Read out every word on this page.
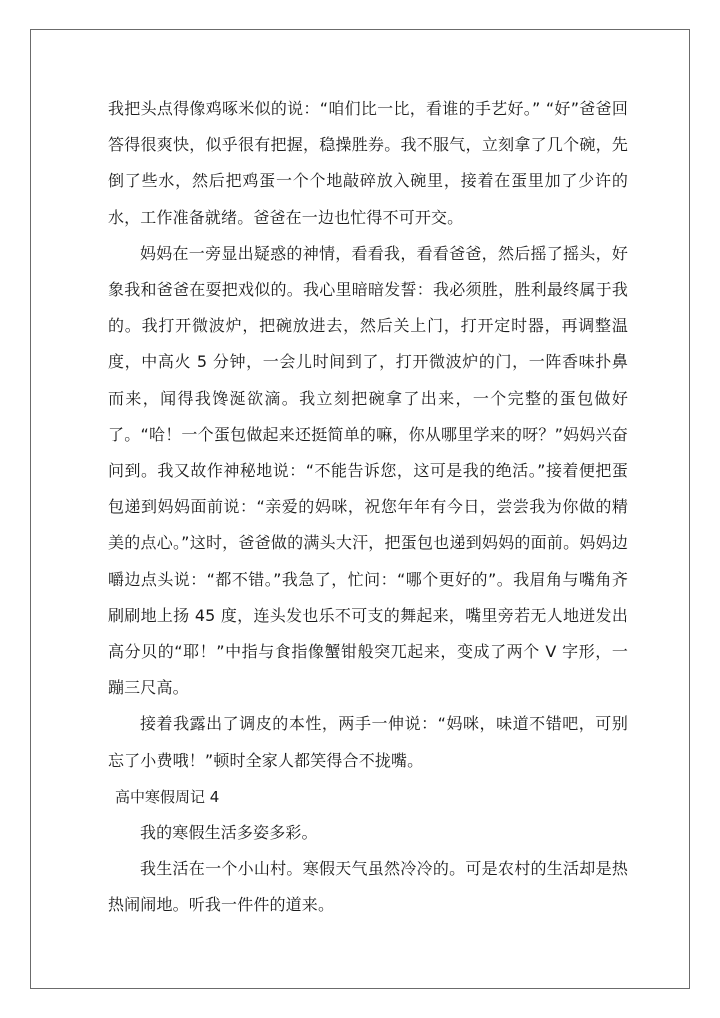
我把头点得像鸡啄米似的说：“咱们比一比，看谁的手艺好。” “好”爸爸回答得很爽快，似乎很有把握，稳操胜券。我不服气，立刻拿了几个碗，先倒了些水，然后把鸡蛋一个个地敲碎放入碗里，接着在蛋里加了少许的水，工作准备就绪。爸爸在一边也忙得不可开交。

妈妈在一旁显出疑惑的神情，看看我，看看爸爸，然后摇了摇头，好象我和爸爸在耍把戏似的。我心里暗暗发誓：我必须胜，胜利最终属于我的。我打开微波炉，把碗放进去，然后关上门，打开定时器，再调整温度，中高火 5 分钟，一会儿时间到了，打开微波炉的门，一阵香味扑鼻而来，闻得我馋涎欲滴。我立刻把碗拿了出来，一个完整的蛋包做好了。“哈！一个蛋包做起来还挺简单的嘛，你从哪里学来的呀？”妈妈兴奋问到。我又故作神秘地说：“不能告诉您，这可是我的绝活。”接着便把蛋包递到妈妈面前说：“亲爱的妈咪，祝您年年有今日，尝尝我为你做的精美的点心。”这时，爸爸做的满头大汗，把蛋包也递到妈妈的面前。妈妈边嚼边点头说：“都不错。”我急了，忙问：“哪个更好的”。我眉角与嘴角齐刷刷地上扬 45 度，连头发也乐不可支的舞起来，嘴里旁若无人地迸发出高分贝的“耶！”中指与食指像蟹钳般突兀起来，变成了两个 V 字形，一蹦三尺高。

接着我露出了调皮的本性，两手一伸说：“妈咪，味道不错吧，可别忘了小费哦！”顿时全家人都笑得合不拢嘴。

高中寒假周记 4

我的寒假生活多姿多彩。

我生活在一个小山村。寒假天气虽然冷冷的。可是农村的生活却是热热闹闹地。听我一件件的道来。
